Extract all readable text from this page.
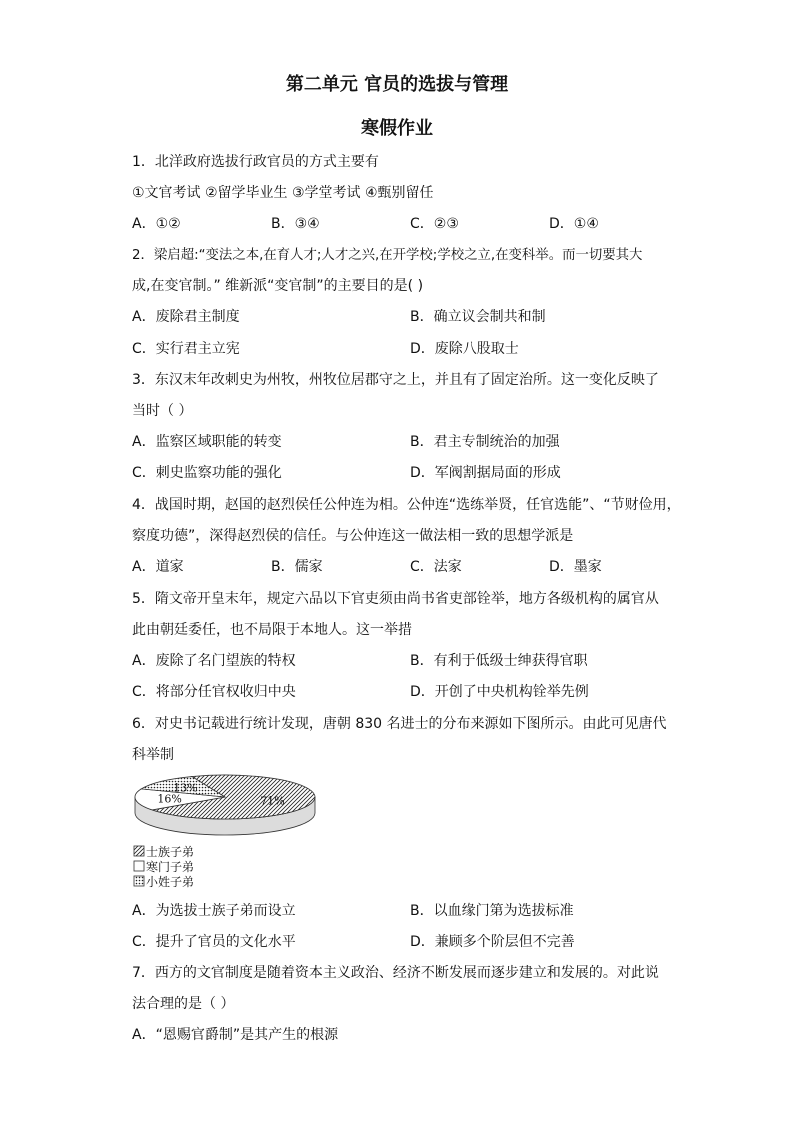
第二单元 官员的选拔与管理
寒假作业
1．北洋政府选拔行政官员的方式主要有
①文官考试 ②留学毕业生 ③学堂考试 ④甄别留任
A．①②	B．③④	C．②③	D．①④
2．梁启超:“变法之本,在育人才;人才之兴,在开学校;学校之立,在变科举。而一切要其大
成,在变官制。” 维新派“变官制”的主要目的是( )
A．废除君主制度	B．确立议会制共和制
C．实行君主立宪	D．废除八股取士
3．东汉末年改刺史为州牧，州牧位居郡守之上，并且有了固定治所。这一变化反映了
当时（ ）
A．监察区域职能的转变	B．君主专制统治的加强
C．刺史监察功能的强化	D．军阀割据局面的形成
4．战国时期，赵国的赵烈侯任公仲连为相。公仲连“选练举贤，任官选能”、“节财俭用，
察度功德”，深得赵烈侯的信任。与公仲连这一做法相一致的思想学派是
A．道家	B．儒家	C．法家	D．墨家
5．隋文帝开皇末年，规定六品以下官吏须由尚书省吏部铨举，地方各级机构的属官从
此由朝廷委任，也不局限于本地人。这一举措
A．废除了名门望族的特权	B．有利于低级士绅获得官职
C．将部分任官权收归中央	D．开创了中央机构铨举先例
6．对史书记载进行统计发现，唐朝 830 名进士的分布来源如下图所示。由此可见唐代
科举制
71%
16%
13%
士族子弟
寒门子弟
小姓子弟
A．为选拔士族子弟而设立	B．以血缘门第为选拔标准
C．提升了官员的文化水平	D．兼顾多个阶层但不完善
7．西方的文官制度是随着资本主义政治、经济不断发展而逐步建立和发展的。对此说
法合理的是（ ）
A．“恩赐官爵制”是其产生的根源
